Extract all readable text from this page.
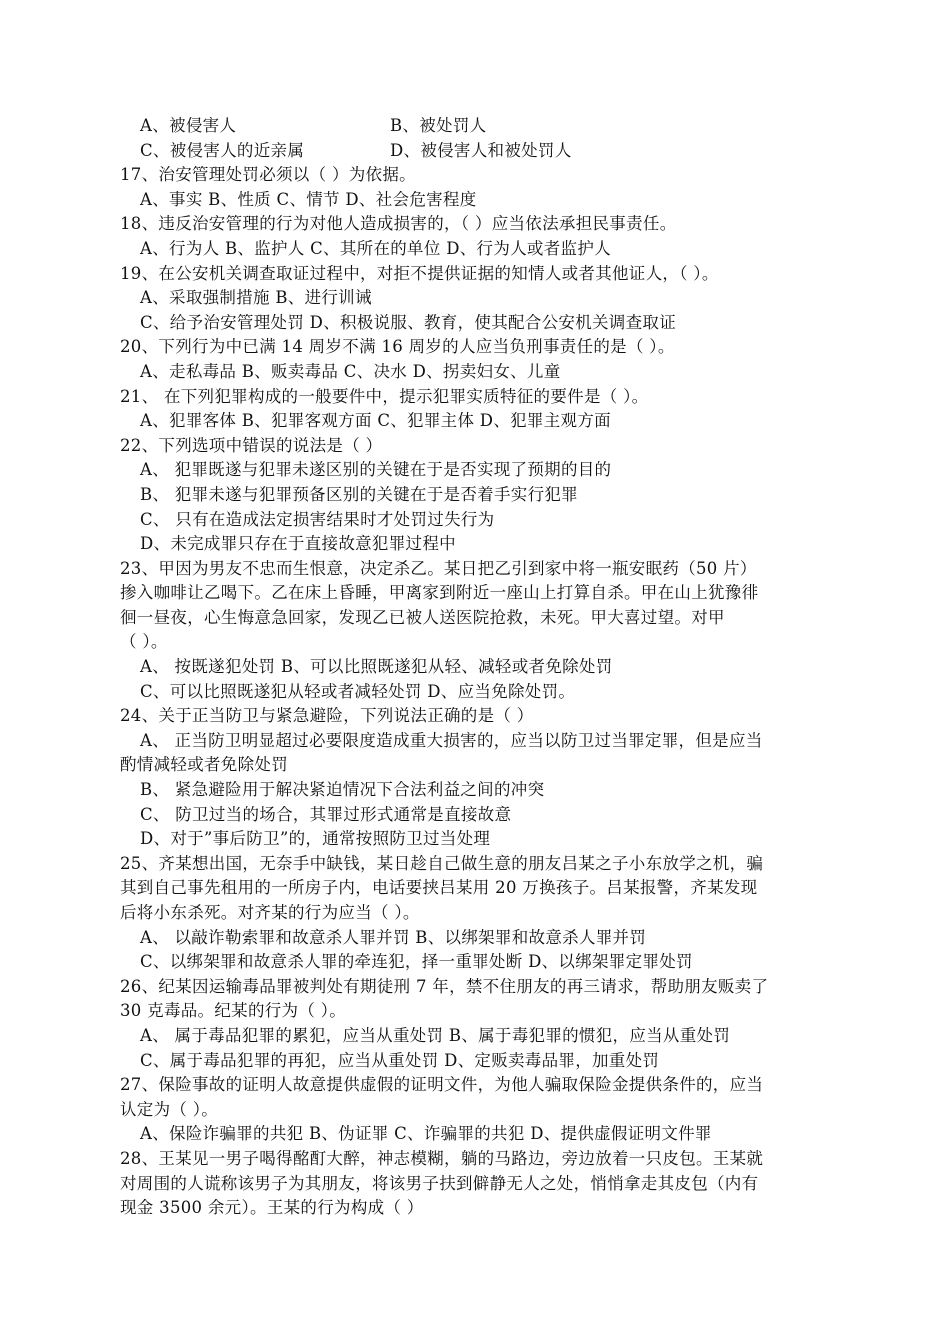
A、被侵害人	B、被处罚人
C、被侵害人的近亲属	D、被侵害人和被处罚人
17、治安管理处罚必须以（ ）为依据。
A、事实 B、性质 C、情节 D、社会危害程度
18、违反治安管理的行为对他人造成损害的，（ ）应当依法承担民事责任。
A、行为人 B、监护人 C、其所在的单位 D、行为人或者监护人
19、在公安机关调查取证过程中，对拒不提供证据的知情人或者其他证人，（ ）。
A、采取强制措施 B、进行训诫
C、给予治安管理处罚 D、积极说服、教育，使其配合公安机关调查取证
20、下列行为中已满 14 周岁不满 16 周岁的人应当负刑事责任的是（ ）。
A、走私毒品 B、贩卖毒品 C、决水 D、拐卖妇女、儿童
21、 在下列犯罪构成的一般要件中，提示犯罪实质特征的要件是（ ）。
A、犯罪客体 B、犯罪客观方面 C、犯罪主体 D、犯罪主观方面
22、下列选项中错误的说法是（ ）
A、 犯罪既遂与犯罪未遂区别的关键在于是否实现了预期的目的
B、 犯罪未遂与犯罪预备区别的关键在于是否着手实行犯罪
C、 只有在造成法定损害结果时才处罚过失行为
D、未完成罪只存在于直接故意犯罪过程中
23、甲因为男友不忠而生恨意，决定杀乙。某日把乙引到家中将一瓶安眠药（50 片）
掺入咖啡让乙喝下。乙在床上昏睡，甲离家到附近一座山上打算自杀。甲在山上犹豫徘
徊一昼夜，心生悔意急回家，发现乙已被人送医院抢救，未死。甲大喜过望。对甲
（ ）。
A、 按既遂犯处罚 B、可以比照既遂犯从轻、减轻或者免除处罚
C、可以比照既遂犯从轻或者减轻处罚 D、应当免除处罚。
24、关于正当防卫与紧急避险，下列说法正确的是（ ）
A、 正当防卫明显超过必要限度造成重大损害的，应当以防卫过当罪定罪，但是应当
酌情减轻或者免除处罚
B、 紧急避险用于解决紧迫情况下合法利益之间的冲突
C、 防卫过当的场合，其罪过形式通常是直接故意
D、对于”事后防卫”的，通常按照防卫过当处理
25、齐某想出国，无奈手中缺钱，某日趁自己做生意的朋友吕某之子小东放学之机，骗
其到自己事先租用的一所房子内，电话要挟吕某用 20 万换孩子。吕某报警，齐某发现
后将小东杀死。对齐某的行为应当（ ）。
A、 以敲诈勒索罪和故意杀人罪并罚 B、以绑架罪和故意杀人罪并罚
C、以绑架罪和故意杀人罪的牵连犯，择一重罪处断 D、以绑架罪定罪处罚
26、纪某因运输毒品罪被判处有期徒刑 7 年，禁不住朋友的再三请求，帮助朋友贩卖了
30 克毒品。纪某的行为（ ）。
A、 属于毒品犯罪的累犯，应当从重处罚 B、属于毒犯罪的惯犯，应当从重处罚
C、属于毒品犯罪的再犯，应当从重处罚 D、定贩卖毒品罪，加重处罚
27、保险事故的证明人故意提供虚假的证明文件，为他人骗取保险金提供条件的，应当
认定为（ ）。
A、保险诈骗罪的共犯 B、伪证罪 C、诈骗罪的共犯 D、提供虚假证明文件罪
28、王某见一男子喝得酩酊大醉，神志模糊，躺的马路边，旁边放着一只皮包。王某就
对周围的人谎称该男子为其朋友，将该男子扶到僻静无人之处，悄悄拿走其皮包（内有
现金 3500 余元）。王某的行为构成（ ）
